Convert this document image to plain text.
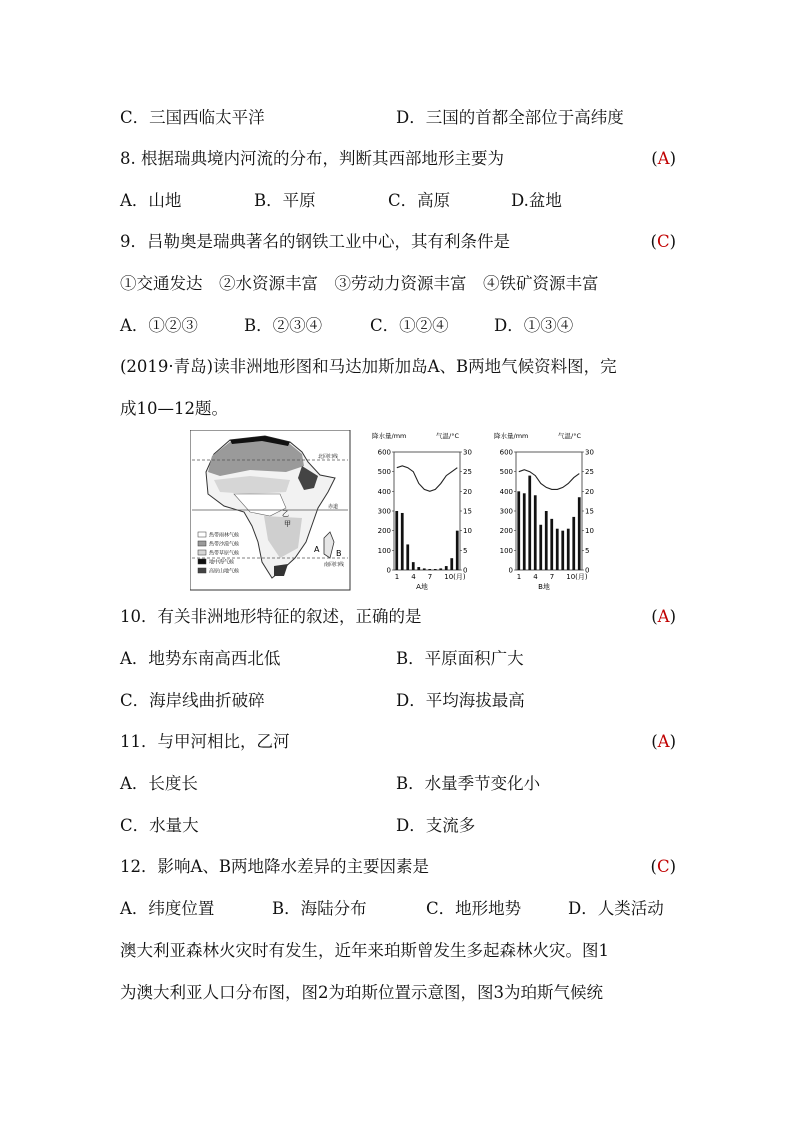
C．三国西临太平洋	D．三国的首都全部位于高纬度
8. 根据瑞典境内河流的分布，判断其西部地形主要为	(A)
A．山地	B．平原	C．高原	D.盆地
9．吕勒奥是瑞典著名的钢铁工业中心，其有利条件是	(C)
①交通发达　②水资源丰富　③劳动力资源丰富　④铁矿资源丰富
A．①②③	B．②③④	C．①②④	D．①③④
(2019·青岛)读非洲地形图和马达加斯加岛A、B两地气候资料图，完
成10—12题。
北回归线
赤道
南回归线
A B
乙
甲
热带雨林气候
热带沙漠气候
热带草原气候
地中海气候
高原山地气候
降水量/mm	气温/°C
0
100
200
300
400
500
600
0
5
10
15
20
25
30
1 4 7 10(月)
A地
降水量/mm	气温/°C
0
100
200
300
400
500
600
0
5
10
15
20
25
30
1 4 7 10(月)
B地
10．有关非洲地形特征的叙述，正确的是	(A)
A．地势东南高西北低	B．平原面积广大
C．海岸线曲折破碎	D．平均海拔最高
11．与甲河相比，乙河	(A)
A．长度长	B．水量季节变化小
C．水量大	D．支流多
12．影响A、B两地降水差异的主要因素是	(C)
A．纬度位置	B．海陆分布	C．地形地势	D．人类活动
澳大利亚森林火灾时有发生，近年来珀斯曾发生多起森林火灾。图1
为澳大利亚人口分布图，图2为珀斯位置示意图，图3为珀斯气候统
